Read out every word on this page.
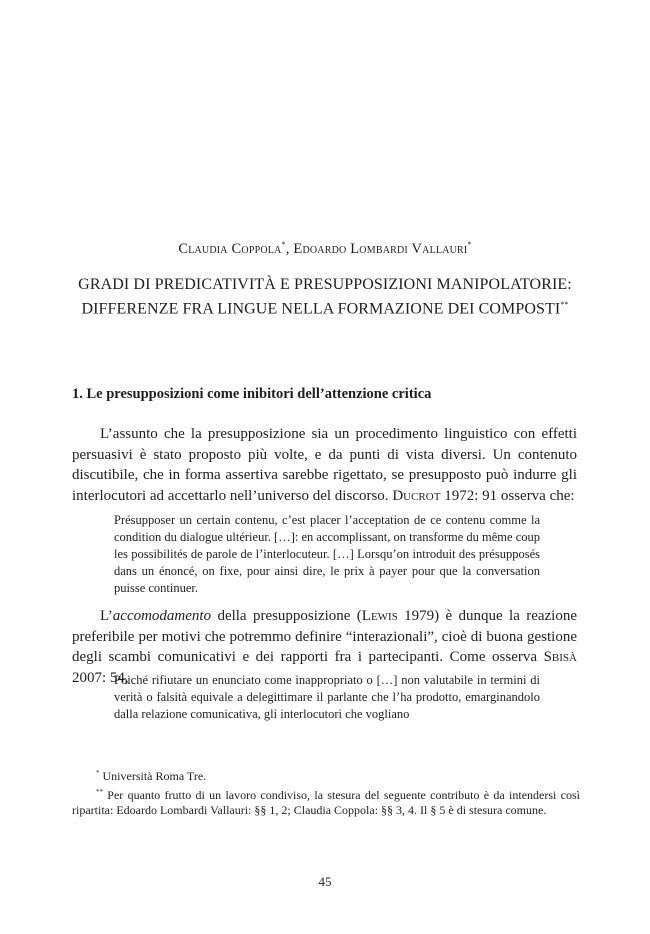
Claudia Coppola*, Edoardo Lombardi Vallauri*
GRADI DI PREDICATIVITÀ E PRESUPPOSIZIONI MANIPOLATORIE:
DIFFERENZE FRA LINGUE NELLA FORMAZIONE DEI COMPOSTI**
1. Le presupposizioni come inibitori dell’attenzione critica

L’assunto che la presupposizione sia un procedimento linguistico con effetti persuasivi è stato proposto più volte, e da punti di vista diversi. Un contenuto discutibile, che in forma assertiva sarebbe rigettato, se presupposto può indurre gli interlocutori ad accettarlo nell’universo del discorso. Ducrot 1972: 91 osserva che:

Présupposer un certain contenu, c’est placer l’acceptation de ce contenu comme la condition du dialogue ultérieur. […]: en accomplissant, on transforme du même coup les possibilités de parole de l’interlocuteur. […] Lorsqu’on introduit des présupposés dans un énoncé, on fixe, pour ainsi dire, le prix à payer pour que la conversation puisse continuer.

L’accomodamento della presupposizione (Lewis 1979) è dunque la reazione preferibile per motivi che potremmo definire “interazionali”, cioè di buona gestione degli scambi comunicativi e dei rapporti fra i partecipanti. Come osserva Sbisà 2007: 54,

Poiché rifiutare un enunciato come inappropriato o […] non valutabile in termini di verità o falsità equivale a delegittimare il parlante che l’ha prodotto, emarginandolo dalla relazione comunicativa, gli interlocutori che vogliano

* Università Roma Tre.

** Per quanto frutto di un lavoro condiviso, la stesura del seguente contributo è da intendersi così ripartita: Edoardo Lombardi Vallauri: §§ 1, 2; Claudia Coppola: §§ 3, 4. Il § 5 è di stesura comune.

45
